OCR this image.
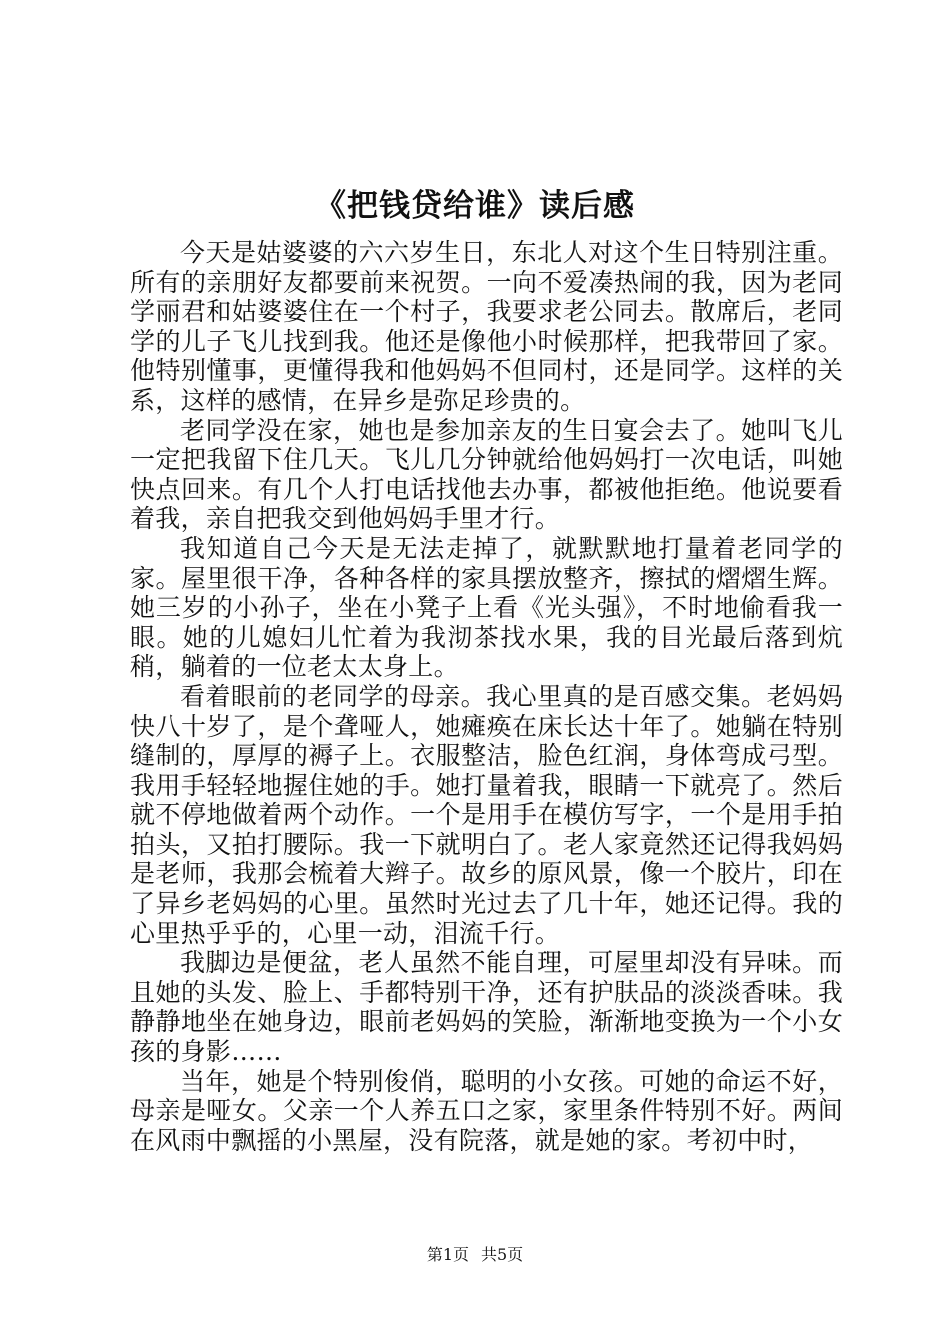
《把钱贷给谁》读后感

今天是姑婆婆的六六岁生日，东北人对这个生日特别注重。所有的亲朋好友都要前来祝贺。一向不爱凑热闹的我，因为老同学丽君和姑婆婆住在一个村子，我要求老公同去。散席后，老同学的儿子飞儿找到我。他还是像他小时候那样，把我带回了家。他特别懂事，更懂得我和他妈妈不但同村，还是同学。这样的关系，这样的感情，在异乡是弥足珍贵的。

老同学没在家，她也是参加亲友的生日宴会去了。她叫飞儿一定把我留下住几天。飞儿几分钟就给他妈妈打一次电话，叫她快点回来。有几个人打电话找他去办事，都被他拒绝。他说要看着我，亲自把我交到他妈妈手里才行。

我知道自己今天是无法走掉了，就默默地打量着老同学的家。屋里很干净，各种各样的家具摆放整齐，擦拭的熠熠生辉。她三岁的小孙子，坐在小凳子上看《光头强》，不时地偷看我一眼。她的儿媳妇儿忙着为我沏茶找水果，我的目光最后落到炕稍，躺着的一位老太太身上。

看着眼前的老同学的母亲。我心里真的是百感交集。老妈妈快八十岁了，是个聋哑人，她瘫痪在床长达十年了。她躺在特别缝制的，厚厚的褥子上。衣服整洁，脸色红润，身体弯成弓型。我用手轻轻地握住她的手。她打量着我，眼睛一下就亮了。然后就不停地做着两个动作。一个是用手在模仿写字，一个是用手拍拍头，又拍打腰际。我一下就明白了。老人家竟然还记得我妈妈是老师，我那会梳着大辫子。故乡的原风景，像一个胶片，印在了异乡老妈妈的心里。虽然时光过去了几十年，她还记得。我的心里热乎乎的，心里一动，泪流千行。

我脚边是便盆，老人虽然不能自理，可屋里却没有异味。而且她的头发、脸上、手都特别干净，还有护肤品的淡淡香味。我静静地坐在她身边，眼前老妈妈的笑脸，渐渐地变换为一个小女孩的身影……

当年，她是个特别俊俏，聪明的小女孩。可她的命运不好，母亲是哑女。父亲一个人养五口之家，家里条件特别不好。两间在风雨中飘摇的小黑屋，没有院落，就是她的家。考初中时，

第1页 共5页
